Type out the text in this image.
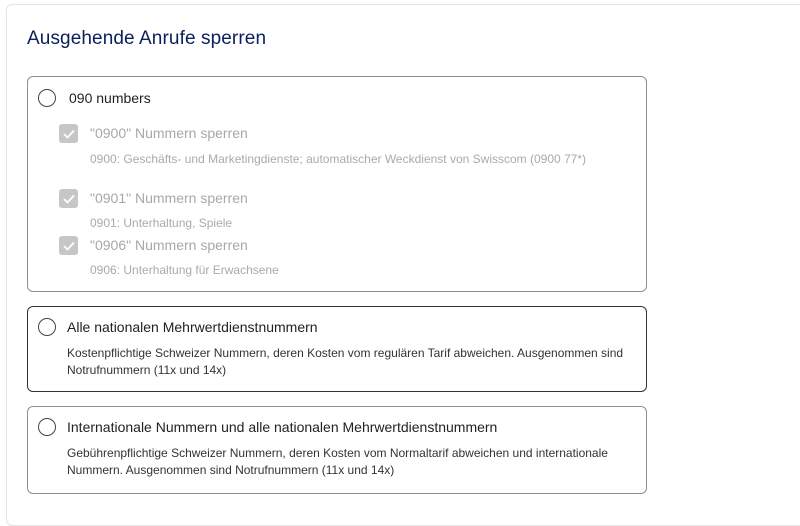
Ausgehende Anrufe sperren
090 numbers
"0900" Nummern sperren
0900: Geschäfts- und Marketingdienste; automatischer Weckdienst von Swisscom (0900 77*)
"0901" Nummern sperren
0901: Unterhaltung, Spiele
"0906" Nummern sperren
0906: Unterhaltung für Erwachsene
Alle nationalen Mehrwertdienstnummern
Kostenpflichtige Schweizer Nummern, deren Kosten vom regulären Tarif abweichen. Ausgenommen sind Notrufnummern (11x und 14x)
Internationale Nummern und alle nationalen Mehrwertdienstnummern
Gebührenpflichtige Schweizer Nummern, deren Kosten vom Normaltarif abweichen und internationale Nummern. Ausgenommen sind Notrufnummern (11x und 14x)
